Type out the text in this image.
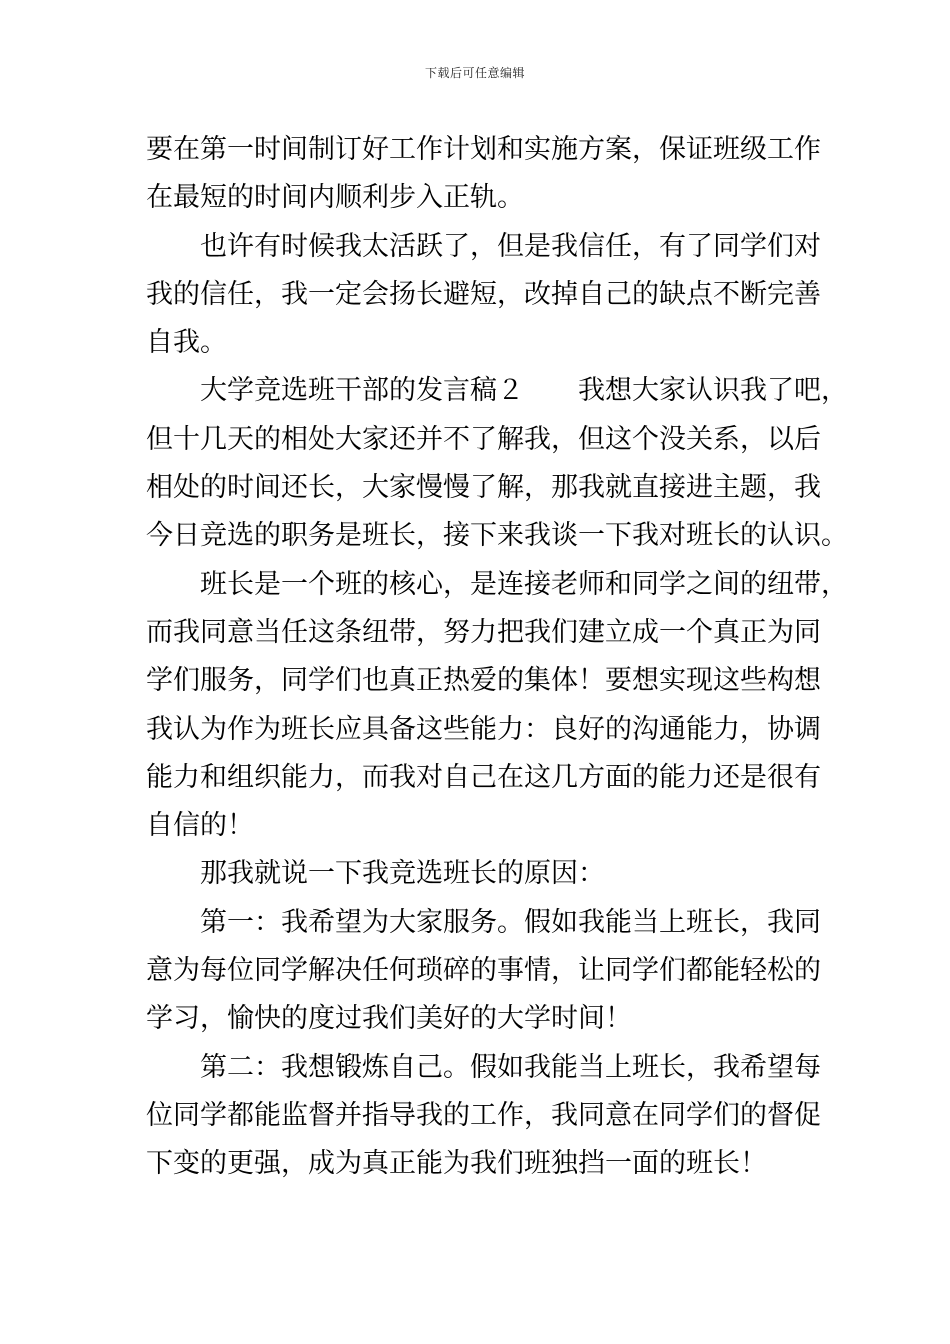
下载后可任意编辑
要在第一时间制订好工作计划和实施方案，保证班级工作
在最短的时间内顺利步入正轨。
也许有时候我太活跃了，但是我信任，有了同学们对
我的信任，我一定会扬长避短，改掉自己的缺点不断完善
自我。
大学竞选班干部的发言稿２ 我想大家认识我了吧，
但十几天的相处大家还并不了解我，但这个没关系，以后
相处的时间还长，大家慢慢了解，那我就直接进主题，我
今日竞选的职务是班长，接下来我谈一下我对班长的认识。
班长是一个班的核心，是连接老师和同学之间的纽带，
而我同意当任这条纽带，努力把我们建立成一个真正为同
学们服务，同学们也真正热爱的集体！要想实现这些构想
我认为作为班长应具备这些能力：良好的沟通能力，协调
能力和组织能力，而我对自己在这几方面的能力还是很有
自信的！
那我就说一下我竞选班长的原因：
第一：我希望为大家服务。假如我能当上班长，我同
意为每位同学解决任何琐碎的事情，让同学们都能轻松的
学习，愉快的度过我们美好的大学时间！
第二：我想锻炼自己。假如我能当上班长，我希望每
位同学都能监督并指导我的工作，我同意在同学们的督促
下变的更强，成为真正能为我们班独挡一面的班长！
